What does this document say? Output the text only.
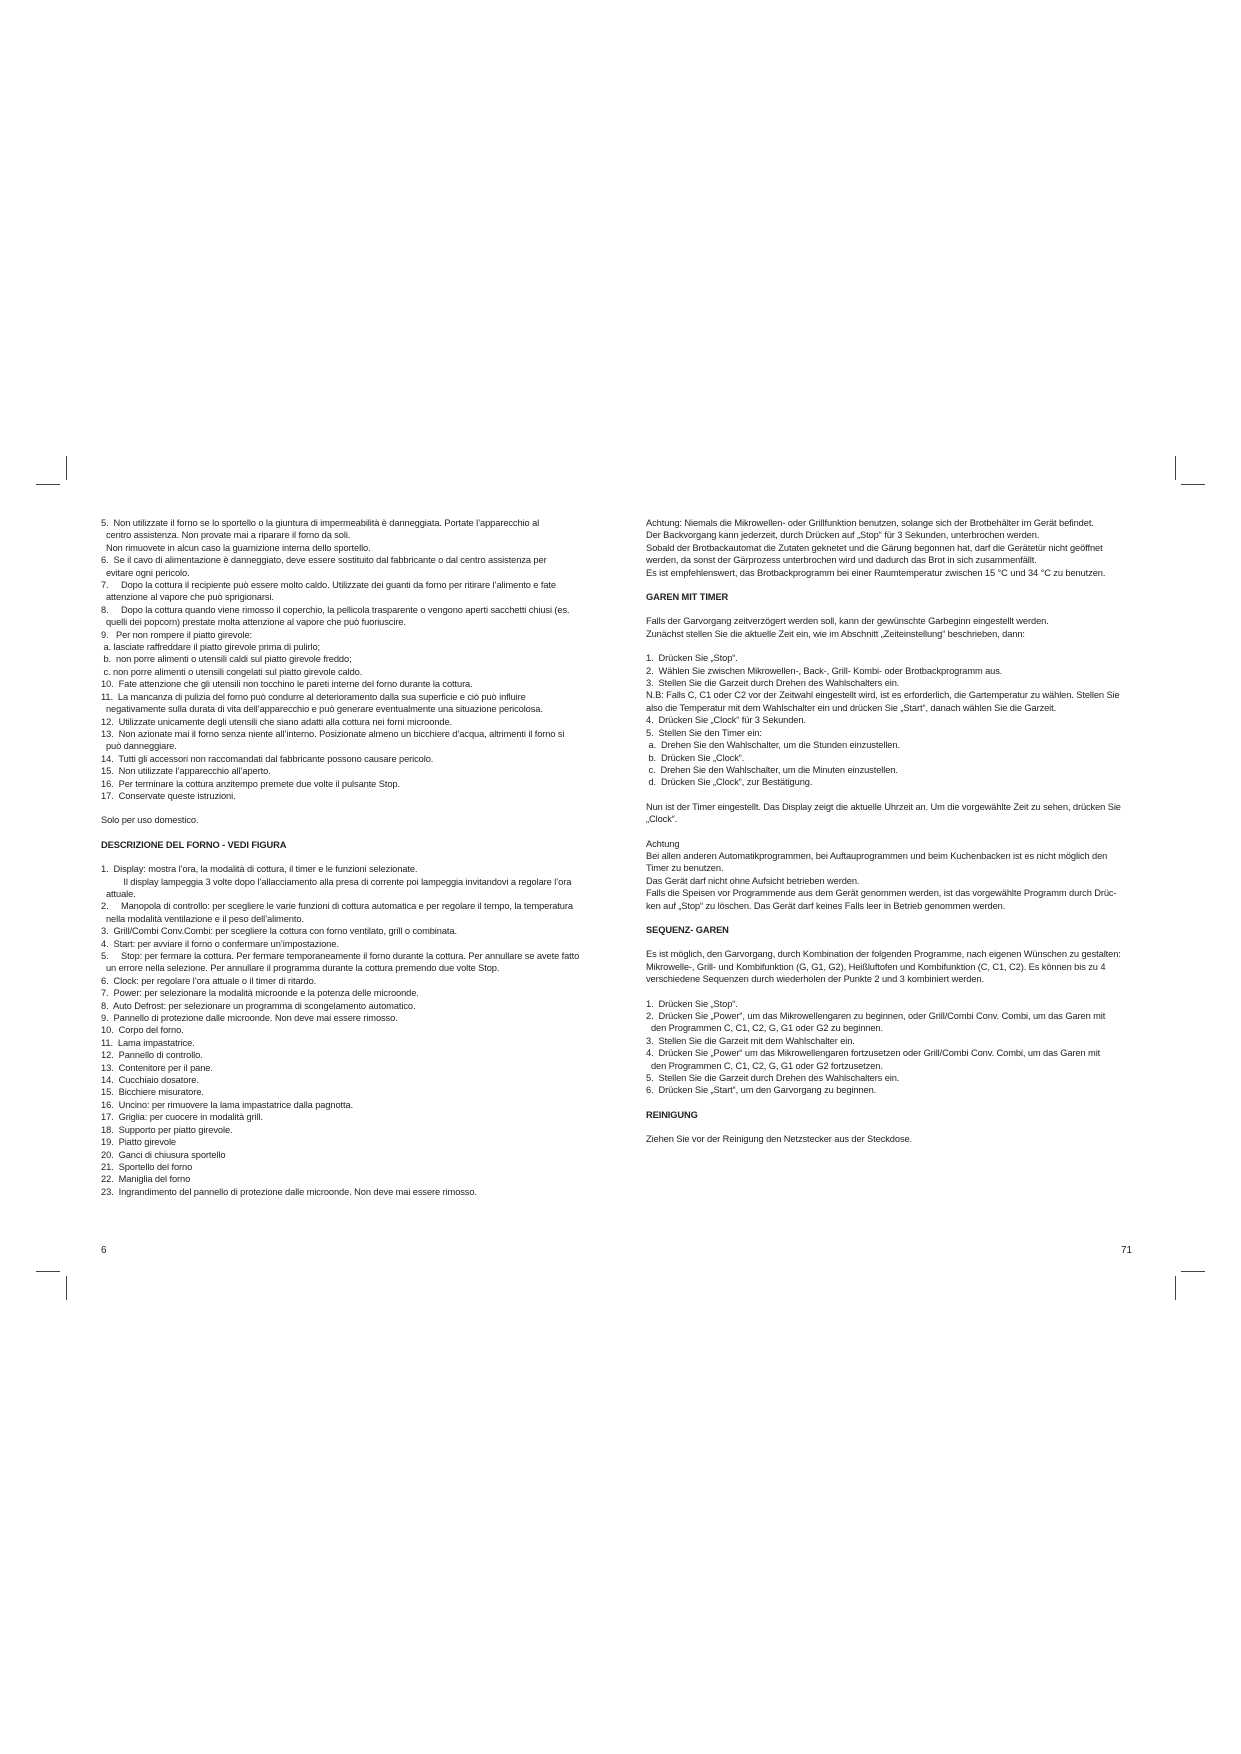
5.  Non utilizzate il forno se lo sportello o la giuntura di impermeabilità è danneggiata. Portate l’apparecchio al
centro assistenza. Non provate mai a riparare il forno da soli.
Non rimuovete in alcun caso la guarnizione interna dello sportello.
6.  Se il cavo di alimentazione è danneggiato, deve essere sostituito dal fabbricante o dal centro assistenza per
evitare ogni pericolo.
7.     Dopo la cottura il recipiente può essere molto caldo. Utilizzate dei guanti da forno per ritirare l’alimento e fate
attenzione al vapore che può sprigionarsi.
8.     Dopo la cottura quando viene rimosso il coperchio, la pellicola trasparente o vengono aperti sacchetti chiusi (es.
quelli dei popcorn) prestate molta attenzione al vapore che può fuoriuscire.
9.   Per non rompere il piatto girevole:
a. lasciate raffreddare il piatto girevole prima di pulirlo;
b.  non porre alimenti o utensili caldi sul piatto girevole freddo;
c. non porre alimenti o utensili congelati sul piatto girevole caldo.
10.  Fate attenzione che gli utensili non tocchino le pareti interne del forno durante la cottura.
11.  La mancanza di pulizia del forno può condurre al deterioramento dalla sua superficie e ciò può influire
negativamente sulla durata di vita dell’apparecchio e può generare eventualmente una situazione pericolosa.
12.  Utilizzate unicamente degli utensili che siano adatti alla cottura nei forni microonde.
13.  Non azionate mai il forno senza niente all’interno. Posizionate almeno un bicchiere d’acqua, altrimenti il forno si
può danneggiare.
14.  Tutti gli accessori non raccomandati dal fabbricante possono causare pericolo.
15.  Non utilizzate l’apparecchio all’aperto.
16.  Per terminare la cottura anzitempo premete due volte il pulsante Stop.
17.  Conservate queste istruzioni.
Solo per uso domestico.
DESCRIZIONE DEL FORNO - VEDI FIGURA
1.  Display: mostra l’ora, la modalità di cottura, il timer e le funzioni selezionate.
Il display lampeggia 3 volte dopo l’allacciamento alla presa di corrente poi lampeggia invitandovi a regolare l’ora
attuale.
2.     Manopola di controllo: per scegliere le varie funzioni di cottura automatica e per regolare il tempo, la temperatura
nella modalità ventilazione e il peso dell’alimento.
3.  Grill/Combi Conv.Combi: per scegliere la cottura con forno ventilato, grill o combinata.
4.  Start: per avviare il forno o confermare un’impostazione.
5.     Stop: per fermare la cottura. Per fermare temporaneamente il forno durante la cottura. Per annullare se avete fatto
un errore nella selezione. Per annullare il programma durante la cottura premendo due volte Stop.
6.  Clock: per regolare l’ora attuale o il timer di ritardo.
7.  Power: per selezionare la modalità microonde e la potenza delle microonde.
8.  Auto Defrost: per selezionare un programma di scongelamento automatico.
9.  Pannello di protezione dalle microonde. Non deve mai essere rimosso.
10.  Corpo del forno.
11.  Lama impastatrice.
12.  Pannello di controllo.
13.  Contenitore per il pane.
14.  Cucchiaio dosatore.
15.  Bicchiere misuratore.
16.  Uncino: per rimuovere la lama impastatrice dalla pagnotta.
17.  Griglia: per cuocere in modalità grill.
18.  Supporto per piatto girevole.
19.  Piatto girevole
20.  Ganci di chiusura sportello
21.  Sportello del forno
22.  Maniglia del forno
23.  Ingrandimento del pannello di protezione dalle microonde. Non deve mai essere rimosso.
Achtung: Niemals die Mikrowellen- oder Grillfunktion benutzen, solange sich der Brotbehälter im Gerät befindet.
Der Backvorgang kann jederzeit, durch Drücken auf „Stop“ für 3 Sekunden, unterbrochen werden.
Sobald der Brotbackautomat die Zutaten geknetet und die Gärung begonnen hat, darf die Gerätetür nicht geöffnet
werden, da sonst der Gärprozess unterbrochen wird und dadurch das Brot in sich zusammenfällt.
Es ist empfehlenswert, das Brotbackprogramm bei einer Raumtemperatur zwischen 15 °C und 34 °C zu benutzen.
GAREN MIT TIMER
Falls der Garvorgang zeitverzögert werden soll, kann der gewünschte Garbeginn eingestellt werden.
Zunächst stellen Sie die aktuelle Zeit ein, wie im Abschnitt „Zeiteinstellung“ beschrieben, dann:
1.  Drücken Sie „Stop“.
2.  Wählen Sie zwischen Mikrowellen-, Back-, Grill- Kombi- oder Brotbackprogramm aus.
3.  Stellen Sie die Garzeit durch Drehen des Wahlschalters ein.
N.B: Falls C, C1 oder C2 vor der Zeitwahl eingestellt wird, ist es erforderlich, die Gartemperatur zu wählen. Stellen Sie
also die Temperatur mit dem Wahlschalter ein und drücken Sie „Start“, danach wählen Sie die Garzeit.
4.  Drücken Sie „Clock“ für 3 Sekunden.
5.  Stellen Sie den Timer ein:
a.  Drehen Sie den Wahlschalter, um die Stunden einzustellen.
b.  Drücken Sie „Clock“.
c.  Drehen Sie den Wahlschalter, um die Minuten einzustellen.
d.  Drücken Sie „Clock“, zur Bestätigung.
Nun ist der Timer eingestellt. Das Display zeigt die aktuelle Uhrzeit an. Um die vorgewählte Zeit zu sehen, drücken Sie
„Clock“.
Achtung
Bei allen anderen Automatikprogrammen, bei Auftauprogrammen und beim Kuchenbacken ist es nicht möglich den
Timer zu benutzen.
Das Gerät darf nicht ohne Aufsicht betrieben werden.
Falls die Speisen vor Programmende aus dem Gerät genommen werden, ist das vorgewählte Programm durch Drüc-
ken auf „Stop“ zu löschen. Das Gerät darf keines Falls leer in Betrieb genommen werden.
SEQUENZ- GAREN
Es ist möglich, den Garvorgang, durch Kombination der folgenden Programme, nach eigenen Wünschen zu gestalten:
Mikrowelle-, Grill- und Kombifunktion (G, G1, G2), Heißluftofen und Kombifunktion (C, C1, C2). Es können bis zu 4
verschiedene Sequenzen durch wiederholen der Punkte 2 und 3 kombiniert werden.
1.  Drücken Sie „Stop“.
2.  Drücken Sie „Power“, um das Mikrowellengaren zu beginnen, oder Grill/Combi Conv. Combi, um das Garen mit
den Programmen C, C1, C2, G, G1 oder G2 zu beginnen.
3.  Stellen Sie die Garzeit mit dem Wahlschalter ein.
4.  Drücken Sie „Power“ um das Mikrowellengaren fortzusetzen oder Grill/Combi Conv. Combi, um das Garen mit
den Programmen C, C1, C2, G, G1 oder G2 fortzusetzen.
5.  Stellen Sie die Garzeit durch Drehen des Wahlschalters ein.
6.  Drücken Sie „Start“, um den Garvorgang zu beginnen.
REINIGUNG
Ziehen Sie vor der Reinigung den Netzstecker aus der Steckdose.
6	71
